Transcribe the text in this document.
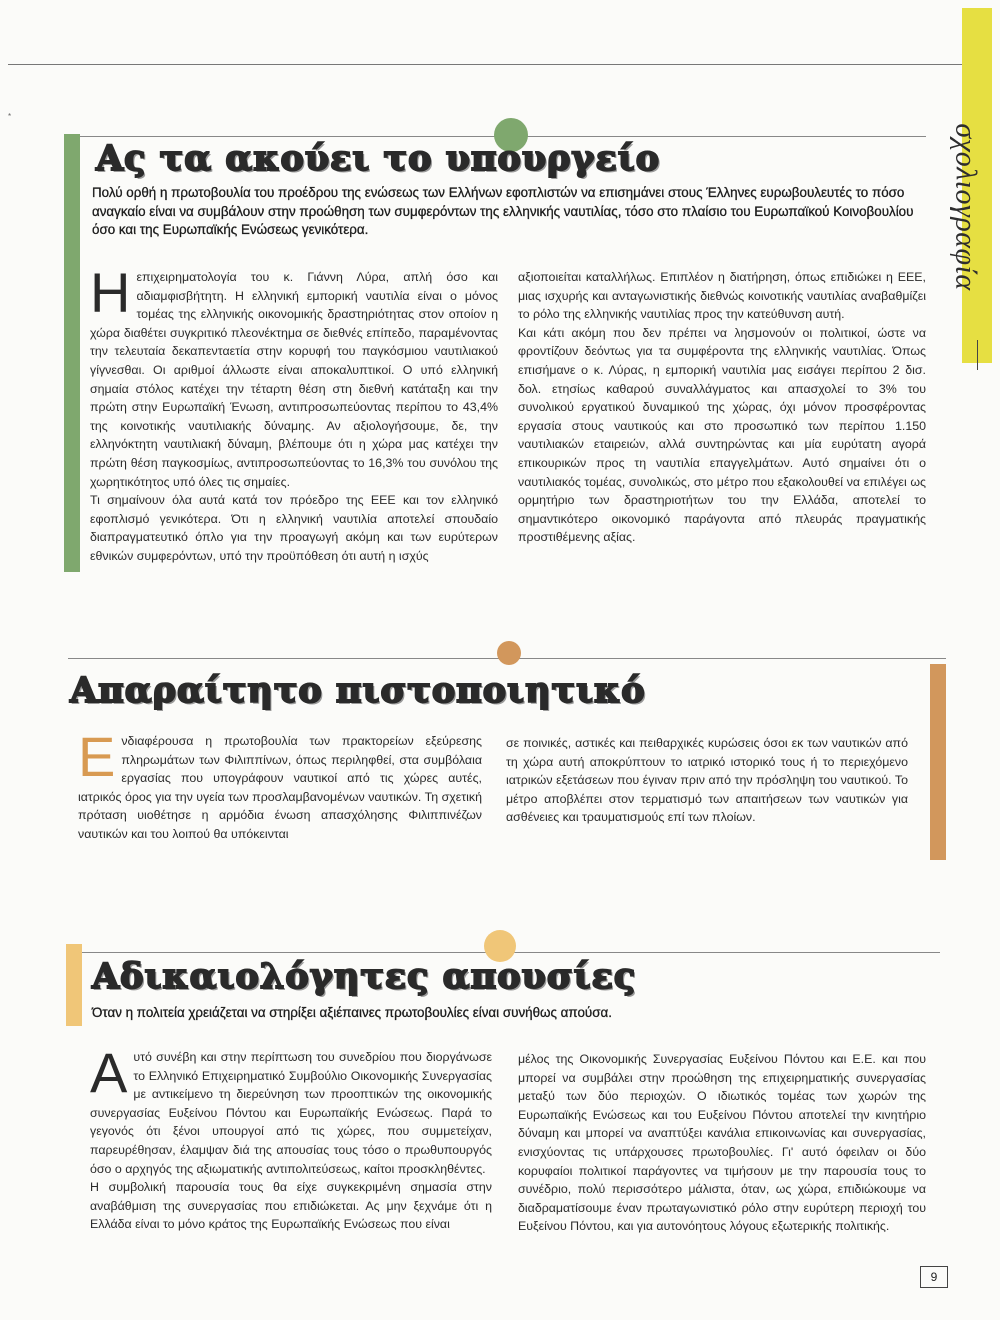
*
σχολιογραφία
Ας τα ακούει το υπουργείο

Πολύ ορθή η πρωτοβουλία του προέδρου της ενώσεως των Ελλήνων εφοπλιστών να επισημάνει στους Έλληνες ευρωβουλευτές το πόσο αναγκαίο είναι να συμβάλουν στην προώθηση των συμφερόντων της ελληνικής ναυτιλίας, τόσο στο πλαίσιο του Ευρωπαϊκού Κοινοβουλίου όσο και της Ευρωπαϊκής Ενώσεως γενικότερα.

Ηεπιχειρηματολογία του κ. Γιάννη Λύρα, απλή όσο και αδιαμφισβήτητη. Η ελληνική εμπορική ναυτιλία είναι ο μόνος τομέας της ελληνικής οικονομικής δραστηριότητας στον οποίον η χώρα διαθέτει συγκριτικό πλεονέκτημα σε διεθνές επίπεδο, παραμένοντας την τελευταία δεκαπενταετία στην κορυφή του παγκόσμιου ναυτιλιακού γίγνεσθαι. Οι αριθμοί άλλωστε είναι αποκαλυπτικοί. Ο υπό ελληνική σημαία στόλος κατέχει την τέταρτη θέση στη διεθνή κατάταξη και την πρώτη στην Ευρωπαϊκή Ένωση, αντιπροσωπεύοντας περίπου το 43,4% της κοινοτικής ναυτιλιακής δύναμης. Αν αξιολογήσουμε, δε, την ελληνόκτητη ναυτιλιακή δύναμη, βλέπουμε ότι η χώρα μας κατέχει την πρώτη θέση παγκοσμίως, αντιπροσωπεύοντας το 16,3% του συνόλου της χωρητικότητος υπό όλες τις σημαίες.

Τι σημαίνουν όλα αυτά κατά τον πρόεδρο της ΕΕΕ και τον ελληνικό εφοπλισμό γενικότερα. Ότι η ελληνική ναυτιλία αποτελεί σπουδαίο διαπραγματευτικό όπλο για την προαγωγή ακόμη και των ευρύτερων εθνικών συμφερόντων, υπό την προϋπόθεση ότι αυτή η ισχύς

αξιοποιείται καταλλήλως. Επιπλέον η διατήρηση, όπως επιδιώκει η ΕΕΕ, μιας ισχυρής και ανταγωνιστικής διεθνώς κοινοτικής ναυτιλίας αναβαθμίζει το ρόλο της ελληνικής ναυτιλίας προς την κατεύθυνση αυτή.

Και κάτι ακόμη που δεν πρέπει να λησμονούν οι πολιτικοί, ώστε να φροντίζουν δεόντως για τα συμφέροντα της ελληνικής ναυτιλίας. Όπως επισήμανε ο κ. Λύρας, η εμπορική ναυτιλία μας εισάγει περίπου 2 δισ. δολ. ετησίως καθαρού συναλλάγματος και απασχολεί το 3% του συνολικού εργατικού δυναμικού της χώρας, όχι μόνον προσφέροντας εργασία στους ναυτικούς και στο προσωπικό των περίπου 1.150 ναυτιλιακών εταιρειών, αλλά συντηρώντας και μία ευρύτατη αγορά επικουρικών προς τη ναυτιλία επαγγελμάτων. Αυτό σημαίνει ότι ο ναυτιλιακός τομέας, συνολικώς, στο μέτρο που εξακολουθεί να επιλέγει ως ορμητήριο των δραστηριοτήτων του την Ελλάδα, αποτελεί το σημαντικότερο οικονομικό παράγοντα από πλευράς πραγματικής προστιθέμενης αξίας.

Απαραίτητο πιστοποιητικό

Ενδιαφέρουσα η πρωτοβουλία των πρακτορείων εξεύρεσης πληρωμάτων των Φιλιππίνων, όπως περιληφθεί, στα συμβόλαια εργασίας που υπογράφουν ναυτικοί από τις χώρες αυτές, ιατρικός όρος για την υγεία των προσλαμβανομένων ναυτικών. Τη σχετική πρόταση υιοθέτησε η αρμόδια ένωση απασχόλησης Φιλιππινέζων ναυτικών και του λοιπού θα υπόκεινται

σε ποινικές, αστικές και πειθαρχικές κυρώσεις όσοι εκ των ναυτικών από τη χώρα αυτή αποκρύπτουν το ιατρικό ιστορικό τους ή το περιεχόμενο ιατρικών εξετάσεων που έγιναν πριν από την πρόσληψη του ναυτικού. Το μέτρο αποβλέπει στον τερματισμό των απαιτήσεων των ναυτικών για ασθένειες και τραυματισμούς επί των πλοίων.

Αδικαιολόγητες απουσίες

Όταν η πολιτεία χρειάζεται να στηρίξει αξιέπαινες πρωτοβουλίες είναι συνήθως απούσα.

Αυτό συνέβη και στην περίπτωση του συνεδρίου που διοργάνωσε το Ελληνικό Επιχειρηματικό Συμβούλιο Οικονομικής Συνεργασίας με αντικείμενο τη διερεύνηση των προοπτικών της οικονομικής συνεργασίας Ευξείνου Πόντου και Ευρωπαϊκής Ενώσεως. Παρά το γεγονός ότι ξένοι υπουργοί από τις χώρες, που συμμετείχαν, παρευρέθησαν, έλαμψαν διά της απουσίας τους τόσο ο πρωθυπουργός όσο ο αρχηγός της αξιωματικής αντιπολιτεύσεως, καίτοι προσκληθέντες.

Η συμβολική παρουσία τους θα είχε συγκεκριμένη σημασία στην αναβάθμιση της συνεργασίας που επιδιώκεται. Ας μην ξεχνάμε ότι η Ελλάδα είναι το μόνο κράτος της Ευρωπαϊκής Ενώσεως που είναι

μέλος της Οικονομικής Συνεργασίας Ευξείνου Πόντου και Ε.Ε. και που μπορεί να συμβάλει στην προώθηση της επιχειρηματικής συνεργασίας μεταξύ των δύο περιοχών. Ο ιδιωτικός τομέας των χωρών της Ευρωπαϊκής Ενώσεως και του Ευξείνου Πόντου αποτελεί την κινητήριο δύναμη και μπορεί να αναπτύξει κανάλια επικοινωνίας και συνεργασίας, ενισχύοντας τις υπάρχουσες πρωτοβουλίες. Γι' αυτό όφειλαν οι δύο κορυφαίοι πολιτικοί παράγοντες να τιμήσουν με την παρουσία τους το συνέδριο, πολύ περισσότερο μάλιστα, όταν, ως χώρα, επιδιώκουμε να διαδραματίσουμε έναν πρωταγωνιστικό ρόλο στην ευρύτερη περιοχή του Ευξείνου Πόντου, και για αυτονόητους λόγους εξωτερικής πολιτικής.

9
